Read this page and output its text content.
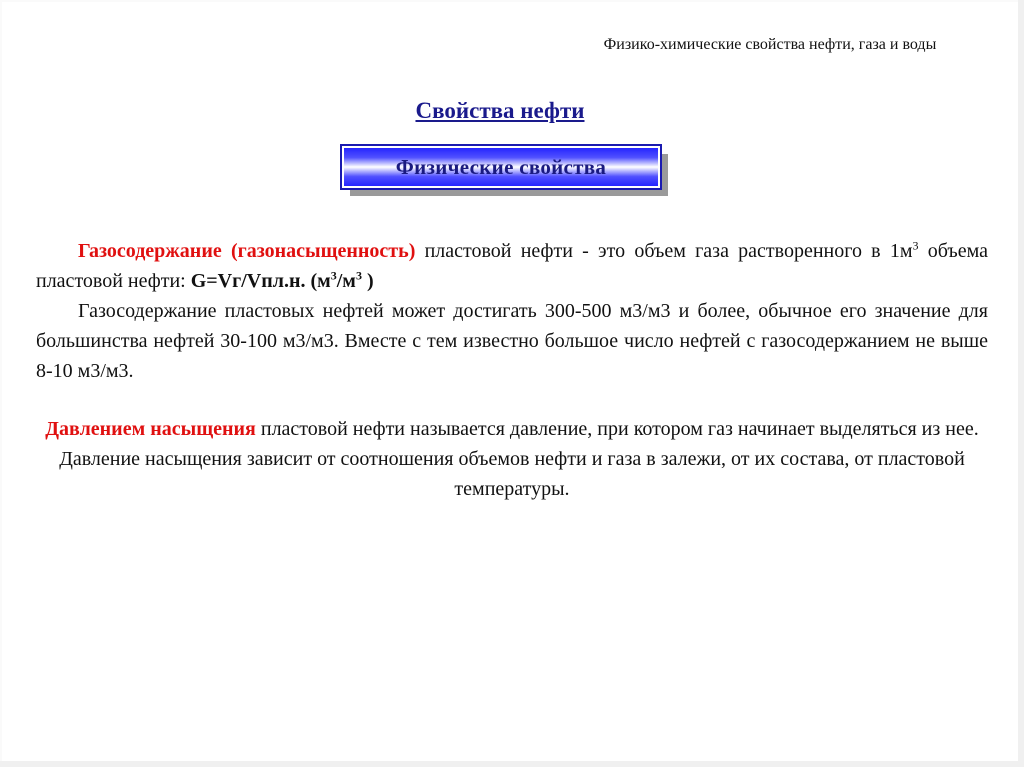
Физико-химические свойства нефти, газа и воды
Свойства нефти
Физические свойства
Газосодержание (газонасыщенность) пластовой нефти - это объем газа растворенного в $1м^3$ объема пластовой нефти: G=Vг/Vпл.н. ($м^3/м^3$ )
Газосодержание пластовых нефтей может достигать 300-500 м3/м3 и более, обычное его значение для большинства нефтей 30-100 м3/м3. Вместе с тем известно большое число нефтей с газосодержанием не выше 8-10 м3/м3.
Давлением насыщения пластовой нефти называется давление, при котором газ начинает выделяться из нее. Давление насыщения зависит от соотношения объемов нефти и газа в залежи, от их состава, от пластовой температуры.
